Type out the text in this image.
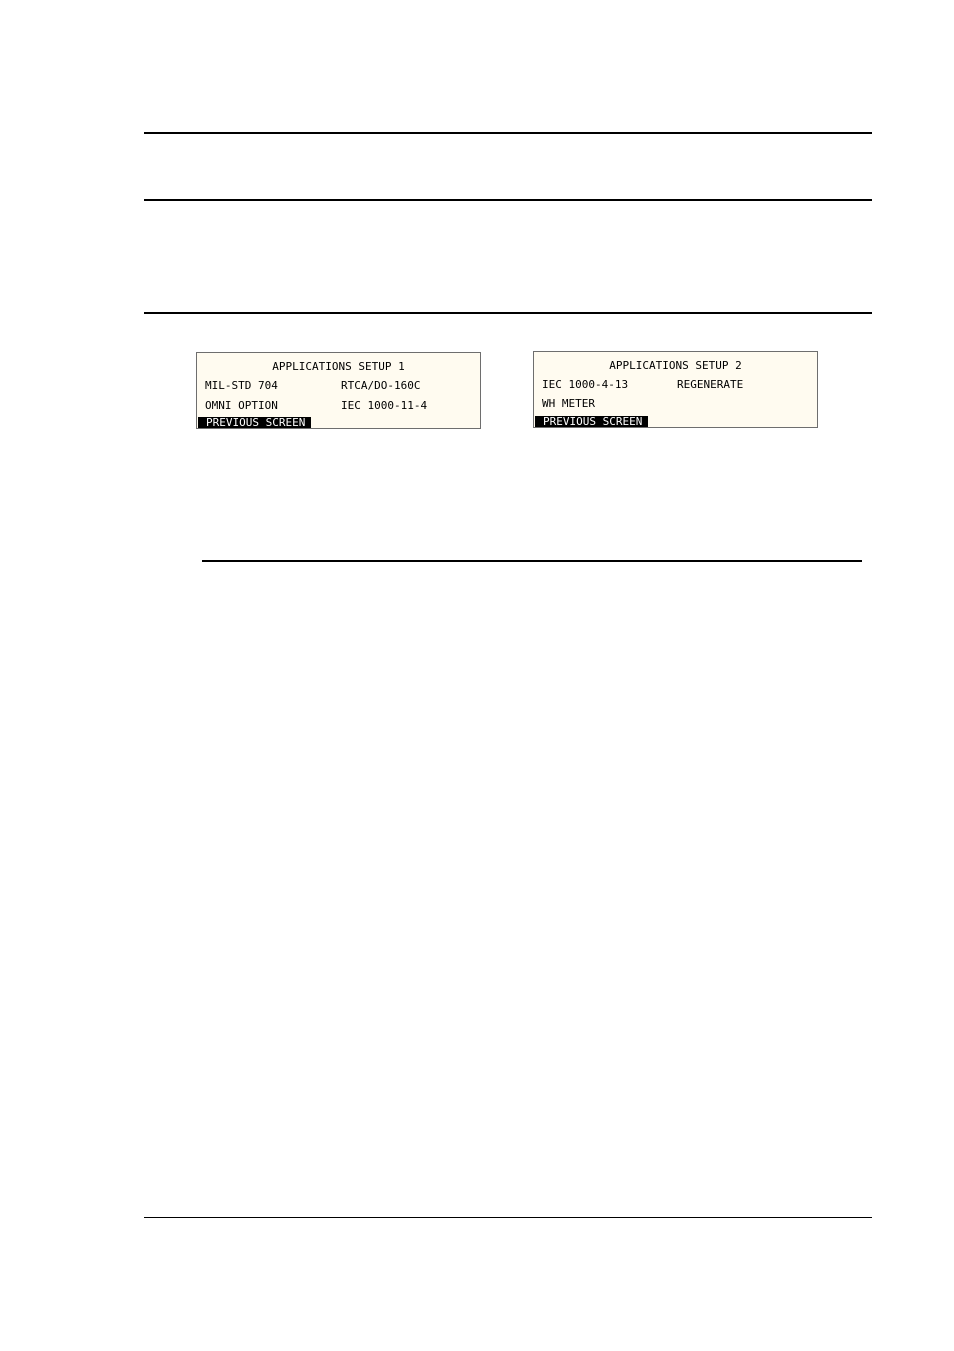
APPLICATIONS SETUP 1

MIL-STD 704

	RTCA/DO-160C

OMNI OPTION

	IEC 1000-11-4

PREVIOUS SCREEN

APPLICATIONS SETUP 2

IEC 1000-4-13

	REGENERATE

WH METER

PREVIOUS SCREEN
